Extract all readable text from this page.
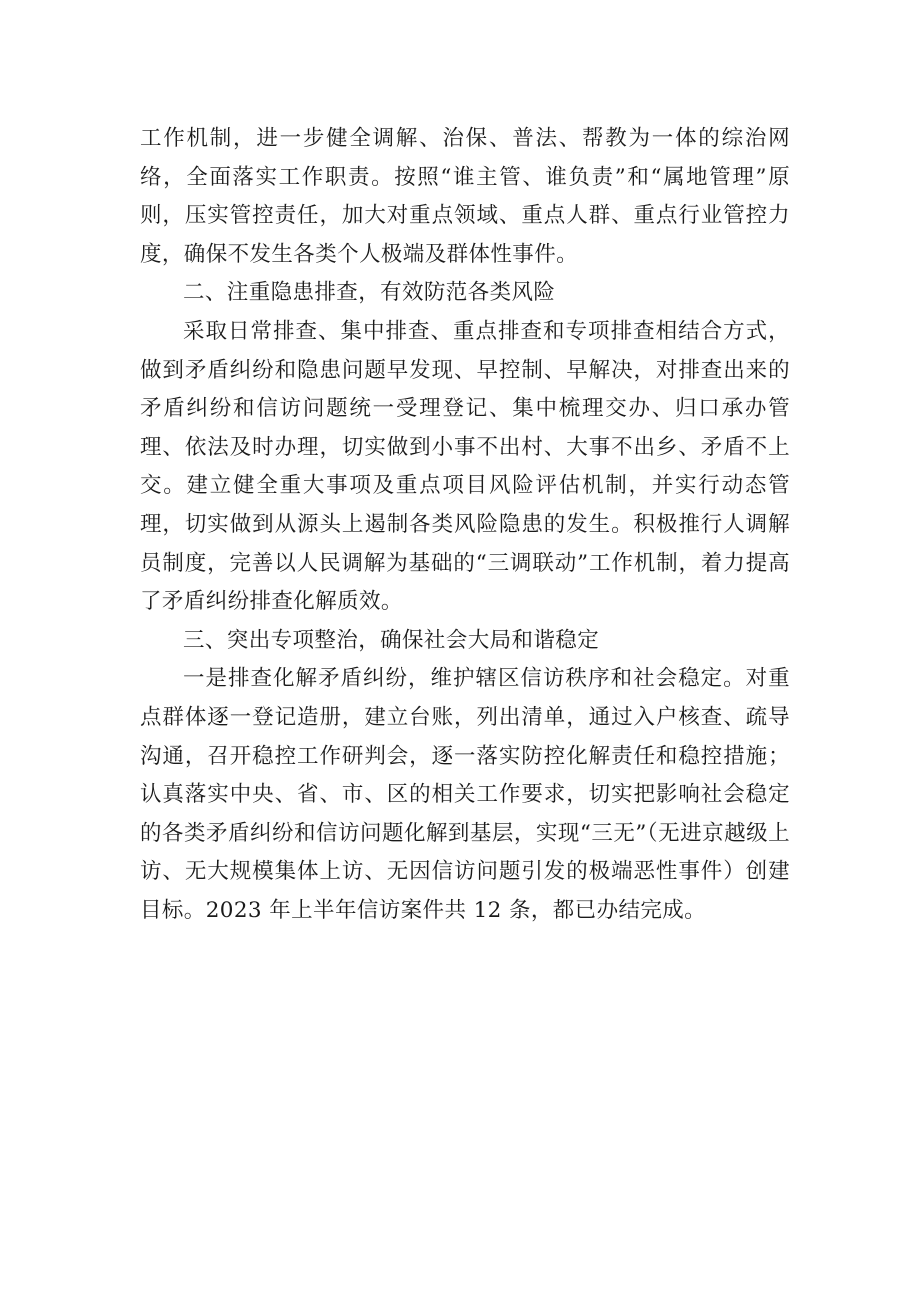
工作机制，进一步健全调解、治保、普法、帮教为一体的综治网络，全面落实工作职责。按照“谁主管、谁负责”和“属地管理”原则，压实管控责任，加大对重点领域、重点人群、重点行业管控力度，确保不发生各类个人极端及群体性事件。

二、注重隐患排查，有效防范各类风险

采取日常排查、集中排查、重点排查和专项排查相结合方式，做到矛盾纠纷和隐患问题早发现、早控制、早解决，对排查出来的矛盾纠纷和信访问题统一受理登记、集中梳理交办、归口承办管理、依法及时办理，切实做到小事不出村、大事不出乡、矛盾不上交。建立健全重大事项及重点项目风险评估机制，并实行动态管理，切实做到从源头上遏制各类风险隐患的发生。积极推行人调解员制度，完善以人民调解为基础的“三调联动”工作机制，着力提高了矛盾纠纷排查化解质效。

三、突出专项整治，确保社会大局和谐稳定

一是排查化解矛盾纠纷，维护辖区信访秩序和社会稳定。对重点群体逐一登记造册，建立台账，列出清单，通过入户核查、疏导沟通，召开稳控工作研判会，逐一落实防控化解责任和稳控措施；认真落实中央、省、市、区的相关工作要求，切实把影响社会稳定的各类矛盾纠纷和信访问题化解到基层，实现“三无”（无进京越级上访、无大规模集体上访、无因信访问题引发的极端恶性事件）创建目标。2023 年上半年信访案件共 12 条，都已办结完成。
